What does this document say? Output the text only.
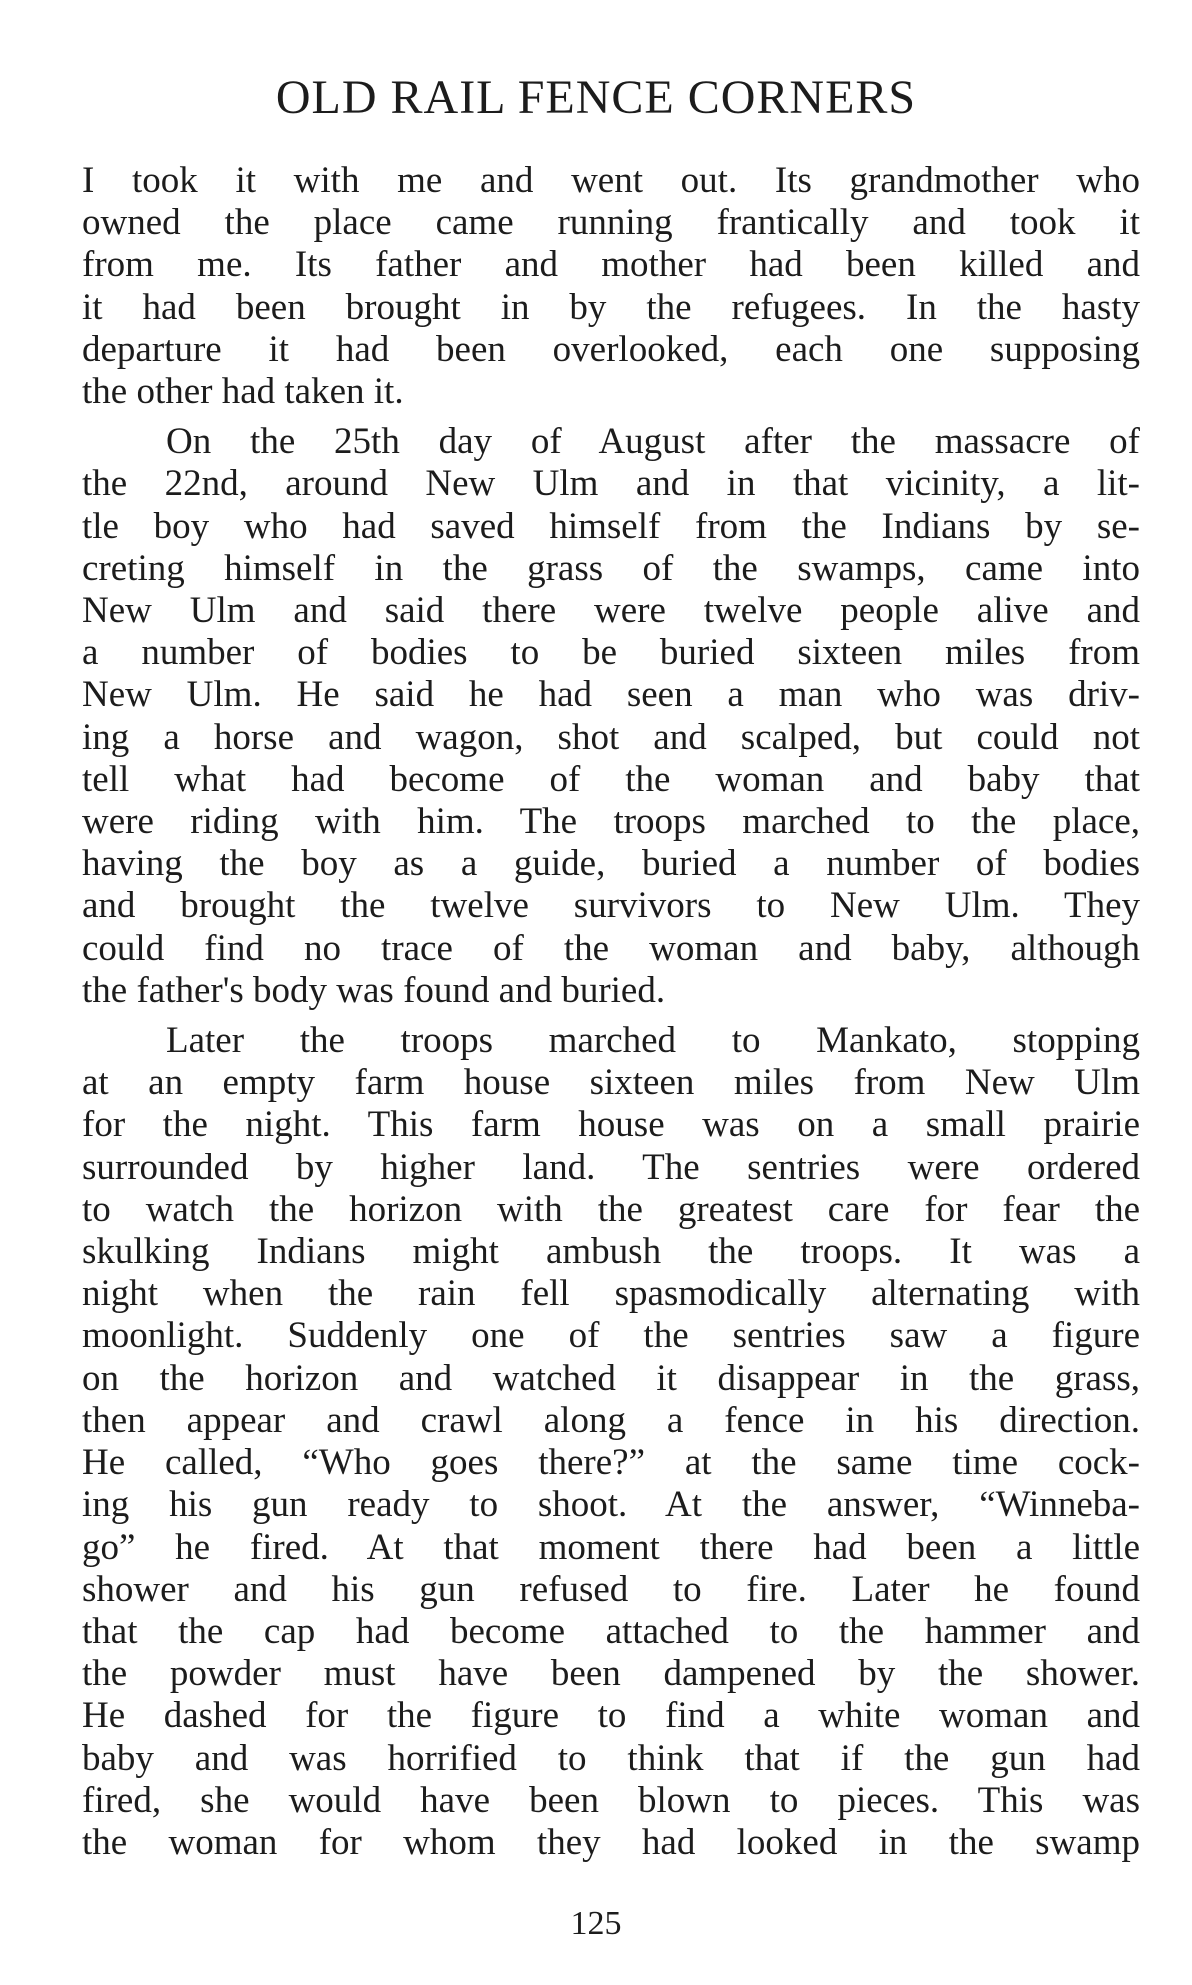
OLD RAIL FENCE CORNERS

I took it with me and went out. Its grandmother who
owned the place came running frantically and took it
from me. Its father and mother had been killed and
it had been brought in by the refugees. In the hasty
departure it had been overlooked, each one supposing
the other had taken it.

On the 25th day of August after the massacre of
the 22nd, around New Ulm and in that vicinity, a lit-
tle boy who had saved himself from the Indians by se-
creting himself in the grass of the swamps, came into
New Ulm and said there were twelve people alive and
a number of bodies to be buried sixteen miles from
New Ulm. He said he had seen a man who was driv-
ing a horse and wagon, shot and scalped, but could not
tell what had become of the woman and baby that
were riding with him. The troops marched to the place,
having the boy as a guide, buried a number of bodies
and brought the twelve survivors to New Ulm. They
could find no trace of the woman and baby, although
the father's body was found and buried.

Later the troops marched to Mankato, stopping
at an empty farm house sixteen miles from New Ulm
for the night. This farm house was on a small prairie
surrounded by higher land. The sentries were ordered
to watch the horizon with the greatest care for fear the
skulking Indians might ambush the troops. It was a
night when the rain fell spasmodically alternating with
moonlight. Suddenly one of the sentries saw a figure
on the horizon and watched it disappear in the grass,
then appear and crawl along a fence in his direction.
He called, “Who goes there?” at the same time cock-
ing his gun ready to shoot. At the answer, “Winneba-
go” he fired. At that moment there had been a little
shower and his gun refused to fire. Later he found
that the cap had become attached to the hammer and
the powder must have been dampened by the shower.
He dashed for the figure to find a white woman and
baby and was horrified to think that if the gun had
fired, she would have been blown to pieces. This was
the woman for whom they had looked in the swamp

125
